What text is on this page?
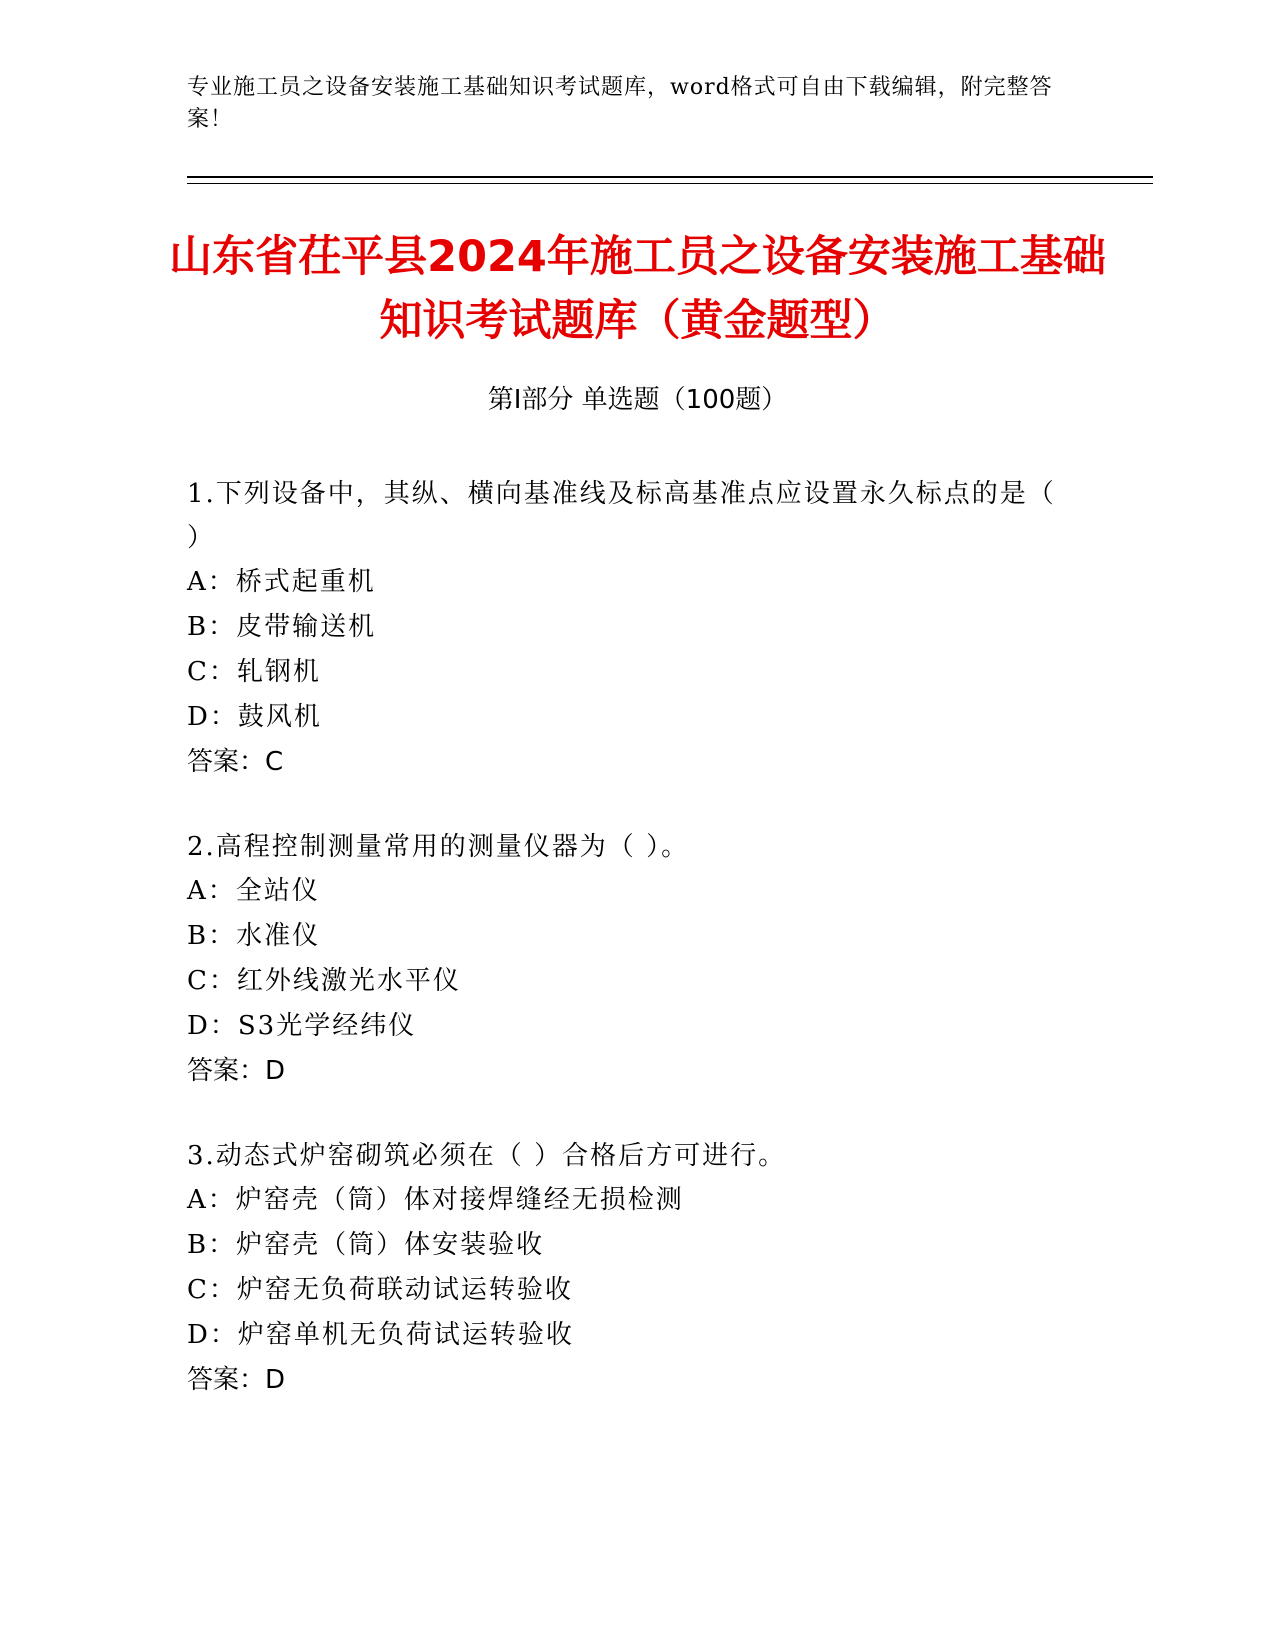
专业施工员之设备安装施工基础知识考试题库，word格式可自由下载编辑，附完整答案！
山东省茌平县2024年施工员之设备安装施工基础知识考试题库（黄金题型）
第Ⅰ部分 单选题（100题）
1.下列设备中，其纵、横向基准线及标高基准点应设置永久标点的是（ ）
A：桥式起重机
B：皮带输送机
C：轧钢机
D：鼓风机
答案：C
2.高程控制测量常用的测量仪器为（ ）。
A：全站仪
B：水准仪
C：红外线激光水平仪
D：S3光学经纬仪
答案：D
3.动态式炉窑砌筑必须在（ ）合格后方可进行。
A：炉窑壳（筒）体对接焊缝经无损检测
B：炉窑壳（筒）体安装验收
C：炉窑无负荷联动试运转验收
D：炉窑单机无负荷试运转验收
答案：D
